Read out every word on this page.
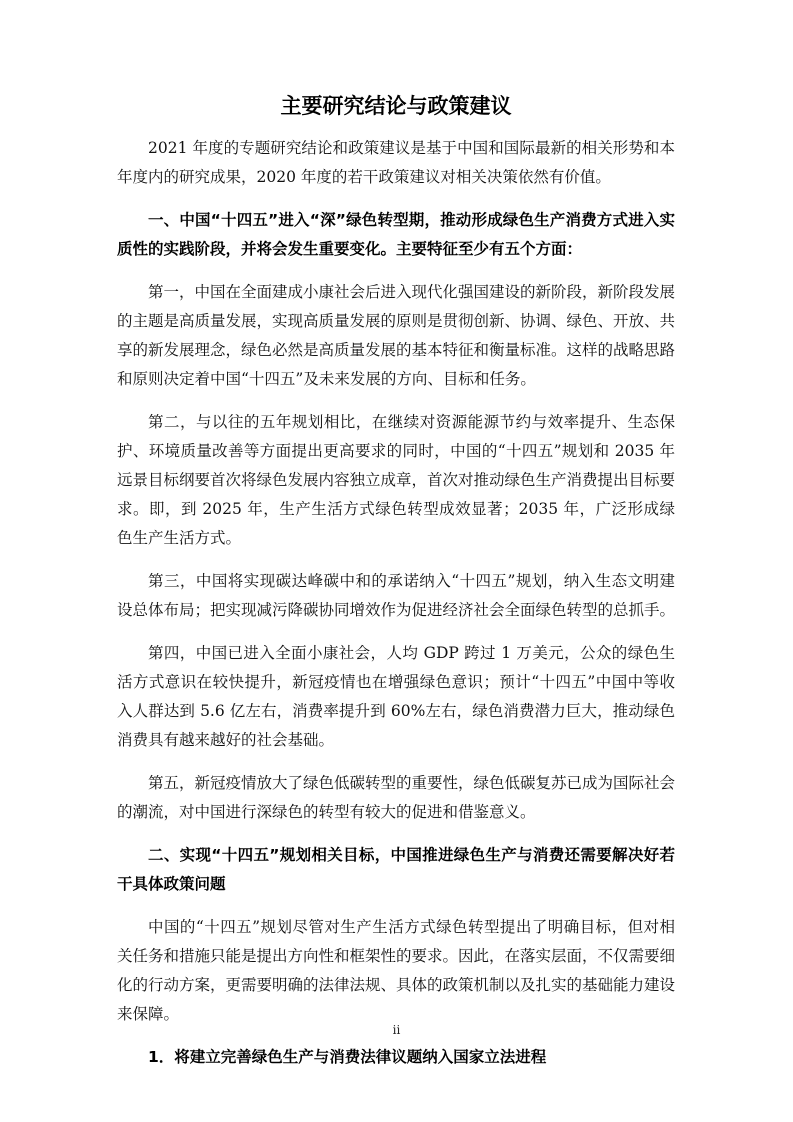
主要研究结论与政策建议

2021 年度的专题研究结论和政策建议是基于中国和国际最新的相关形势和本年度内的研究成果，2020 年度的若干政策建议对相关决策依然有价值。

一、中国“十四五”进入“深”绿色转型期，推动形成绿色生产消费方式进入实质性的实践阶段，并将会发生重要变化。主要特征至少有五个方面：

第一，中国在全面建成小康社会后进入现代化强国建设的新阶段，新阶段发展的主题是高质量发展，实现高质量发展的原则是贯彻创新、协调、绿色、开放、共享的新发展理念，绿色必然是高质量发展的基本特征和衡量标准。这样的战略思路和原则决定着中国“十四五”及未来发展的方向、目标和任务。

第二，与以往的五年规划相比，在继续对资源能源节约与效率提升、生态保护、环境质量改善等方面提出更高要求的同时，中国的“十四五”规划和 2035 年远景目标纲要首次将绿色发展内容独立成章，首次对推动绿色生产消费提出目标要求。即，到 2025 年，生产生活方式绿色转型成效显著；2035 年，广泛形成绿色生产生活方式。

第三，中国将实现碳达峰碳中和的承诺纳入“十四五”规划，纳入生态文明建设总体布局；把实现减污降碳协同增效作为促进经济社会全面绿色转型的总抓手。

第四，中国已进入全面小康社会，人均 GDP 跨过 1 万美元，公众的绿色生活方式意识在较快提升，新冠疫情也在增强绿色意识；预计“十四五”中国中等收入人群达到 5.6 亿左右，消费率提升到 60%左右，绿色消费潜力巨大，推动绿色消费具有越来越好的社会基础。

第五，新冠疫情放大了绿色低碳转型的重要性，绿色低碳复苏已成为国际社会的潮流，对中国进行深绿色的转型有较大的促进和借鉴意义。

二、实现“十四五”规划相关目标，中国推进绿色生产与消费还需要解决好若干具体政策问题

中国的“十四五”规划尽管对生产生活方式绿色转型提出了明确目标，但对相关任务和措施只能是提出方向性和框架性的要求。因此，在落实层面，不仅需要细化的行动方案，更需要明确的法律法规、具体的政策机制以及扎实的基础能力建设来保障。

1．将建立完善绿色生产与消费法律议题纳入国家立法进程

ii
